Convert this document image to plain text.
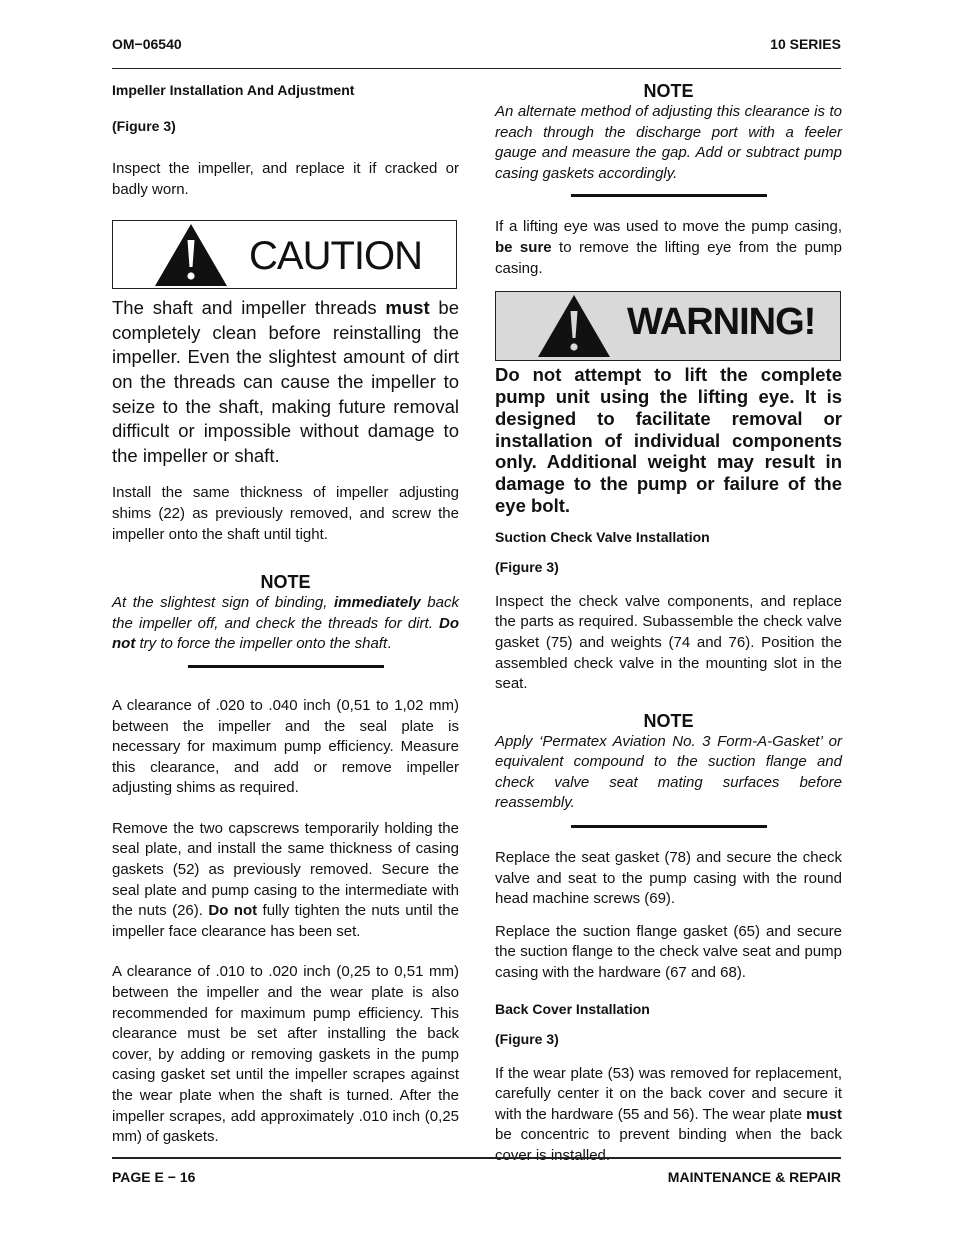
OM−06540	10 SERIES

Impeller Installation And Adjustment

(Figure 3)

Inspect the impeller, and replace it if cracked or badly worn.

CAUTION

The shaft and impeller threads must be completely clean before reinstalling the impeller. Even the slightest amount of dirt on the threads can cause the impeller to seize to the shaft, making future removal difficult or impossible without damage to the impeller or shaft.

Install the same thickness of impeller adjusting shims (22) as previously removed, and screw the impeller onto the shaft until tight.

NOTE

At the slightest sign of binding, immediately back the impeller off, and check the threads for dirt. Do not try to force the impeller onto the shaft.

A clearance of .020 to .040 inch (0,51 to 1,02 mm) between the impeller and the seal plate is necessary for maximum pump efficiency. Measure this clearance, and add or remove impeller adjusting shims as required.

Remove the two capscrews temporarily holding the seal plate, and install the same thickness of casing gaskets (52) as previously removed. Secure the seal plate and pump casing to the intermediate with the nuts (26). Do not fully tighten the nuts until the impeller face clearance has been set.

A clearance of .010 to .020 inch (0,25 to 0,51 mm) between the impeller and the wear plate is also recommended for maximum pump efficiency. This clearance must be set after installing the back cover, by adding or removing gaskets in the pump casing gasket set until the impeller scrapes against the wear plate when the shaft is turned. After the impeller scrapes, add approximately .010 inch (0,25 mm) of gaskets.

NOTE

An alternate method of adjusting this clearance is to reach through the discharge port with a feeler gauge and measure the gap. Add or subtract pump casing gaskets accordingly.

If a lifting eye was used to move the pump casing, be sure to remove the lifting eye from the pump casing.

WARNING!

Do not attempt to lift the complete pump unit using the lifting eye. It is designed to facilitate removal or installation of individual components only. Additional weight may result in damage to the pump or failure of the eye bolt.

Suction Check Valve Installation

(Figure 3)

Inspect the check valve components, and replace the parts as required. Subassemble the check valve gasket (75) and weights (74 and 76). Position the assembled check valve in the mounting slot in the seat.

NOTE

Apply ‘Permatex Aviation No. 3 Form-A-Gasket’ or equivalent compound to the suction flange and check valve seat mating surfaces before reassembly.

Replace the seat gasket (78) and secure the check valve and seat to the pump casing with the round head machine screws (69).

Replace the suction flange gasket (65) and secure the suction flange to the check valve seat and pump casing with the hardware (67 and 68).

Back Cover Installation

(Figure 3)

If the wear plate (53) was removed for replacement, carefully center it on the back cover and secure it with the hardware (55 and 56). The wear plate must be concentric to prevent binding when the back cover is installed.

PAGE E − 16	MAINTENANCE & REPAIR
